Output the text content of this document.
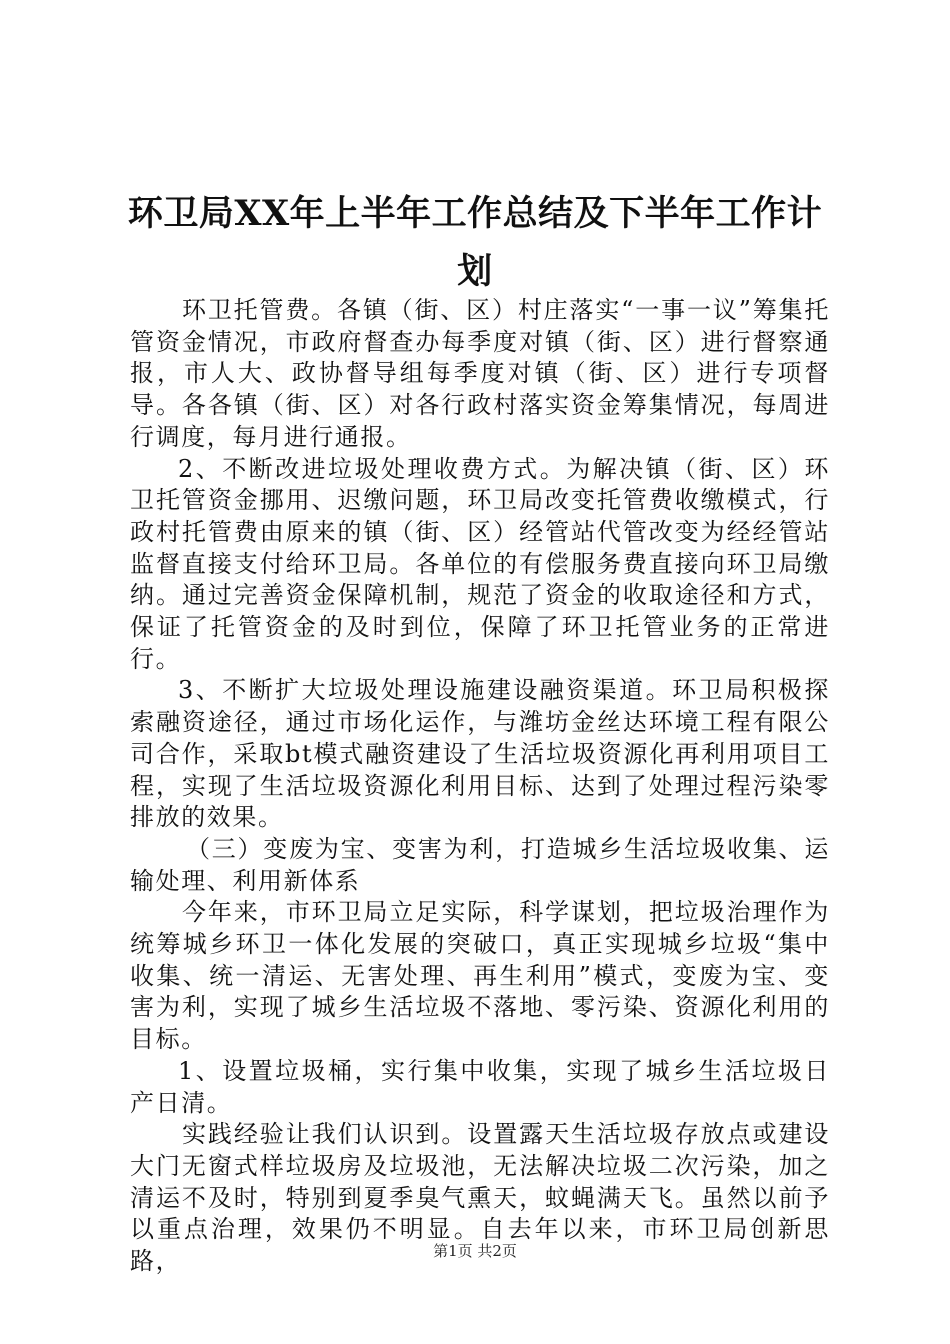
环卫局XX年上半年工作总结及下半年工作计划

环卫托管费。各镇（街、区）村庄落实“一事一议”筹集托管资金情况，市政府督查办每季度对镇（街、区）进行督察通报，市人大、政协督导组每季度对镇（街、区）进行专项督导。各各镇（街、区）对各行政村落实资金筹集情况，每周进行调度，每月进行通报。

2、不断改进垃圾处理收费方式。为解决镇（街、区）环卫托管资金挪用、迟缴问题，环卫局改变托管费收缴模式，行政村托管费由原来的镇（街、区）经管站代管改变为经经管站监督直接支付给环卫局。各单位的有偿服务费直接向环卫局缴纳。通过完善资金保障机制，规范了资金的收取途径和方式，保证了托管资金的及时到位，保障了环卫托管业务的正常进行。

3、不断扩大垃圾处理设施建设融资渠道。环卫局积极探索融资途径，通过市场化运作，与潍坊金丝达环境工程有限公司合作，采取bt模式融资建设了生活垃圾资源化再利用项目工程，实现了生活垃圾资源化利用目标、达到了处理过程污染零排放的效果。

（三）变废为宝、变害为利，打造城乡生活垃圾收集、运输处理、利用新体系

今年来，市环卫局立足实际，科学谋划，把垃圾治理作为统筹城乡环卫一体化发展的突破口，真正实现城乡垃圾“集中收集、统一清运、无害处理、再生利用”模式，变废为宝、变害为利，实现了城乡生活垃圾不落地、零污染、资源化利用的目标。

1、设置垃圾桶，实行集中收集，实现了城乡生活垃圾日产日清。

实践经验让我们认识到。设置露天生活垃圾存放点或建设大门无窗式样垃圾房及垃圾池，无法解决垃圾二次污染，加之清运不及时，特别到夏季臭气熏天，蚊蝇满天飞。虽然以前予以重点治理，效果仍不明显。自去年以来，市环卫局创新思路，	第1页 共2页
